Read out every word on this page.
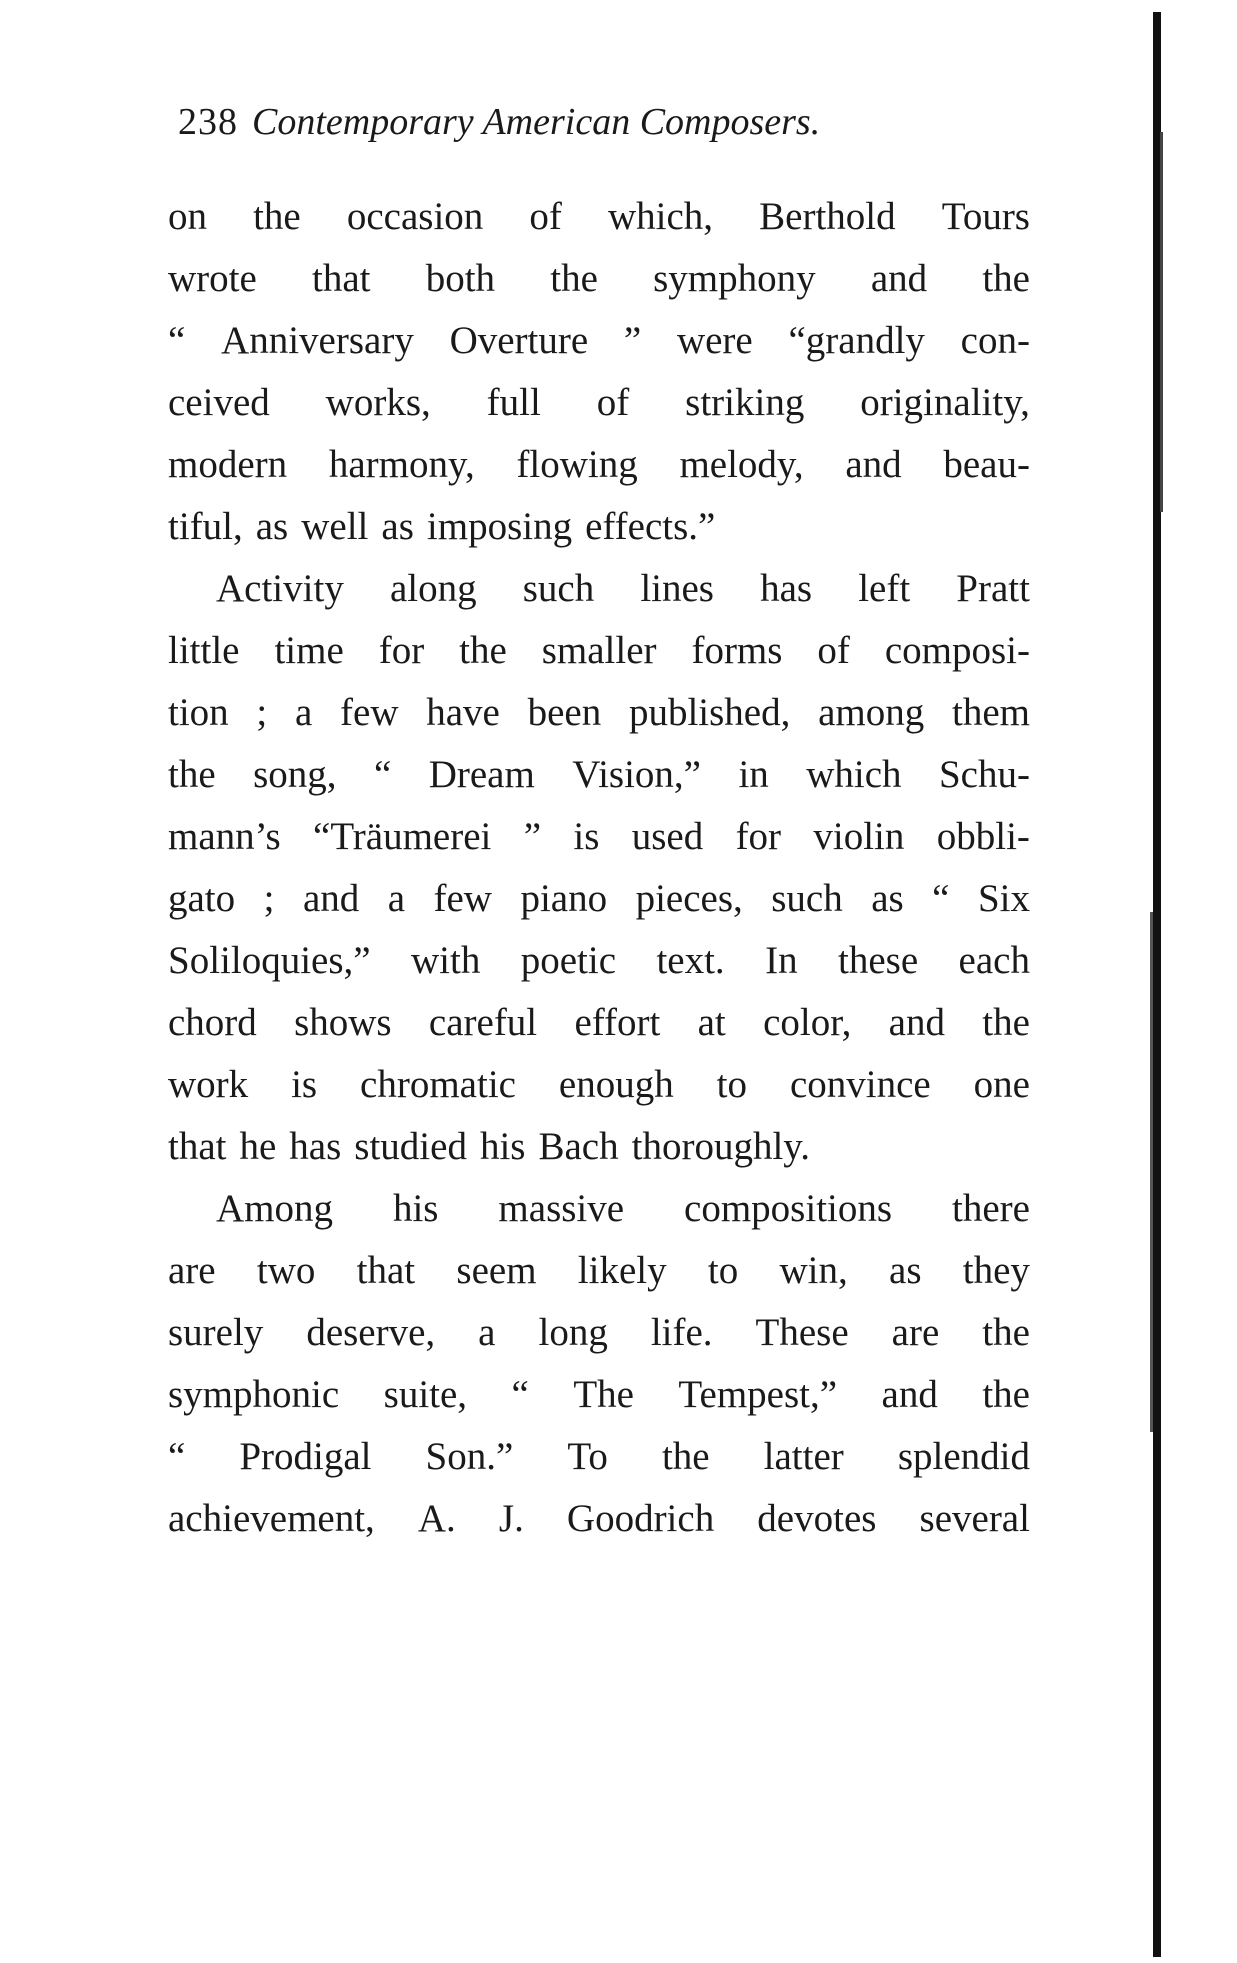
238 Contemporary American Composers.
on the occasion of which, Berthold Tours
wrote that both the symphony and the
“ Anniversary Overture ” were “grandly con-
ceived works, full of striking originality,
modern harmony, flowing melody, and beau-
tiful, as well as imposing effects.”
Activity along such lines has left Pratt
little time for the smaller forms of composi-
tion ; a few have been published, among them
the song, “ Dream Vision,” in which Schu-
mann’s “Träumerei ” is used for violin obbli-
gato ; and a few piano pieces, such as “ Six
Soliloquies,” with poetic text. In these each
chord shows careful effort at color, and the
work is chromatic enough to convince one
that he has studied his Bach thoroughly.
Among his massive compositions there
are two that seem likely to win, as they
surely deserve, a long life. These are the
symphonic suite, “ The Tempest,” and the
“ Prodigal Son.” To the latter splendid
achievement, A. J. Goodrich devotes several
